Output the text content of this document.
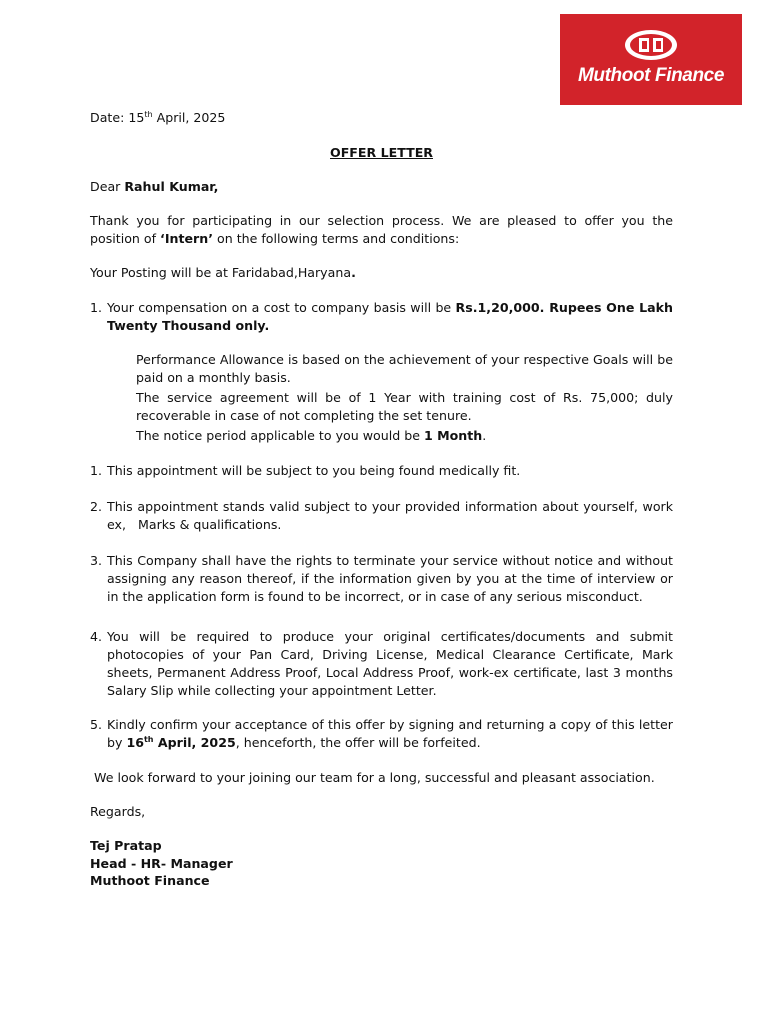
Muthoot Finance
Date: 15th April, 2025
OFFER LETTER
Dear Rahul Kumar,
Thank you for participating in our selection process. We are pleased to offer you the
position of ‘Intern’ on the following terms and conditions:
Your Posting will be at Faridabad,Haryana.
1. Your compensation on a cost to company basis will be Rs.1,20,000. Rupees One Lakh
Twenty Thousand only.
Performance Allowance is based on the achievement of your respective Goals will be
paid on a monthly basis.
The service agreement will be of 1 Year with training cost of Rs. 75,000; duly
recoverable in case of not completing the set tenure.
The notice period applicable to you would be 1 Month.
1. This appointment will be subject to you being found medically fit.
2. This appointment stands valid subject to your provided information about yourself, work
ex,   Marks & qualifications.
3. This Company shall have the rights to terminate your service without notice and without
assigning any reason thereof, if the information given by you at the time of interview or
in the application form is found to be incorrect, or in case of any serious misconduct.
4. You will be required to produce your original certificates/documents and submit
photocopies of your Pan Card, Driving License, Medical Clearance Certificate, Mark
sheets, Permanent Address Proof, Local Address Proof, work-ex certificate, last 3 months
Salary Slip while collecting your appointment Letter.
5. Kindly confirm your acceptance of this offer by signing and returning a copy of this letter
by 16th April, 2025, henceforth, the offer will be forfeited.
We look forward to your joining our team for a long, successful and pleasant association.
Regards,
Tej Pratap
Head - HR- Manager
Muthoot Finance
